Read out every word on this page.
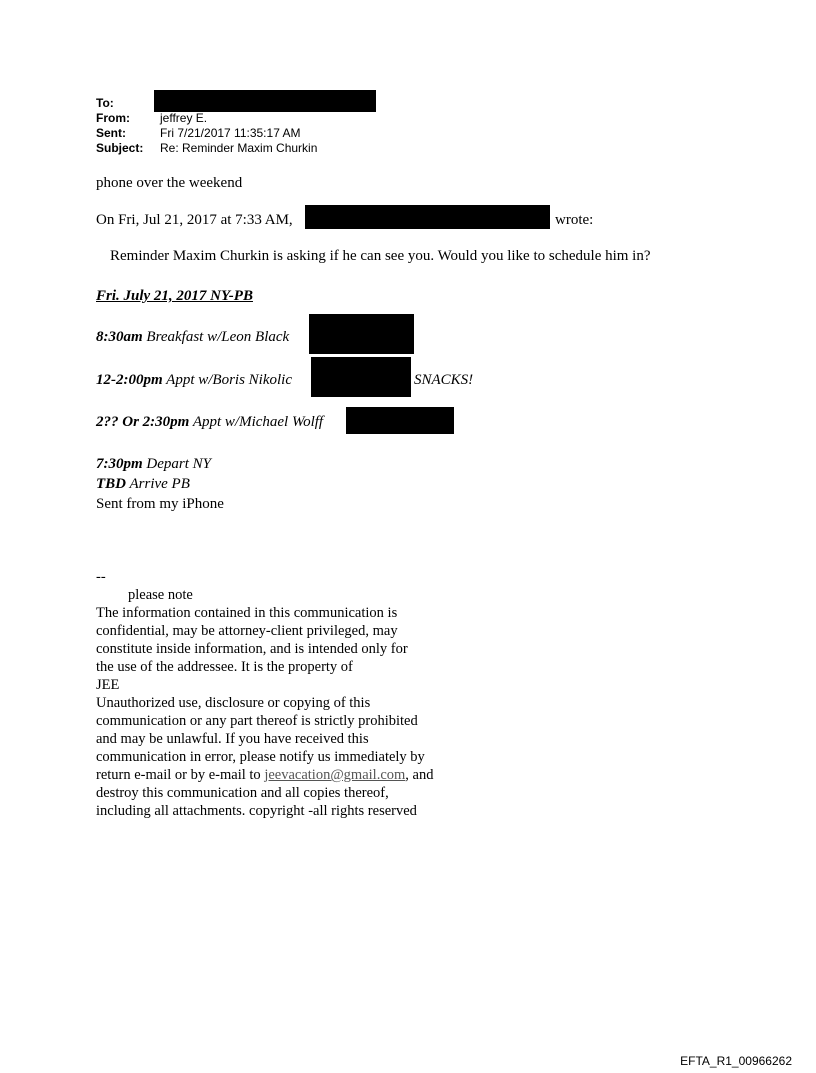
To:
From:	jeffrey E.
Sent:	Fri 7/21/2017 11:35:17 AM
Subject: Re: Reminder Maxim Churkin
phone over the weekend
On Fri, Jul 21, 2017 at 7:33 AM,	wrote:
Reminder Maxim Churkin is asking if he can see you. Would you like to schedule him in?
Fri. July 21, 2017 NY-PB
8:30am Breakfast w/Leon Black
12-2:00pm Appt w/Boris Nikolic	SNACKS!
2?? Or 2:30pm Appt w/Michael Wolff
7:30pm Depart NY
TBD Arrive PB
Sent from my iPhone
--
please note
The information contained in this communication is
confidential, may be attorney-client privileged, may
constitute inside information, and is intended only for
the use of the addressee. It is the property of
JEE
Unauthorized use, disclosure or copying of this
communication or any part thereof is strictly prohibited
and may be unlawful. If you have received this
communication in error, please notify us immediately by
return e-mail or by e-mail to jeevacation@gmail.com, and
destroy this communication and all copies thereof,
including all attachments. copyright -all rights reserved
EFTA_R1_00966262
